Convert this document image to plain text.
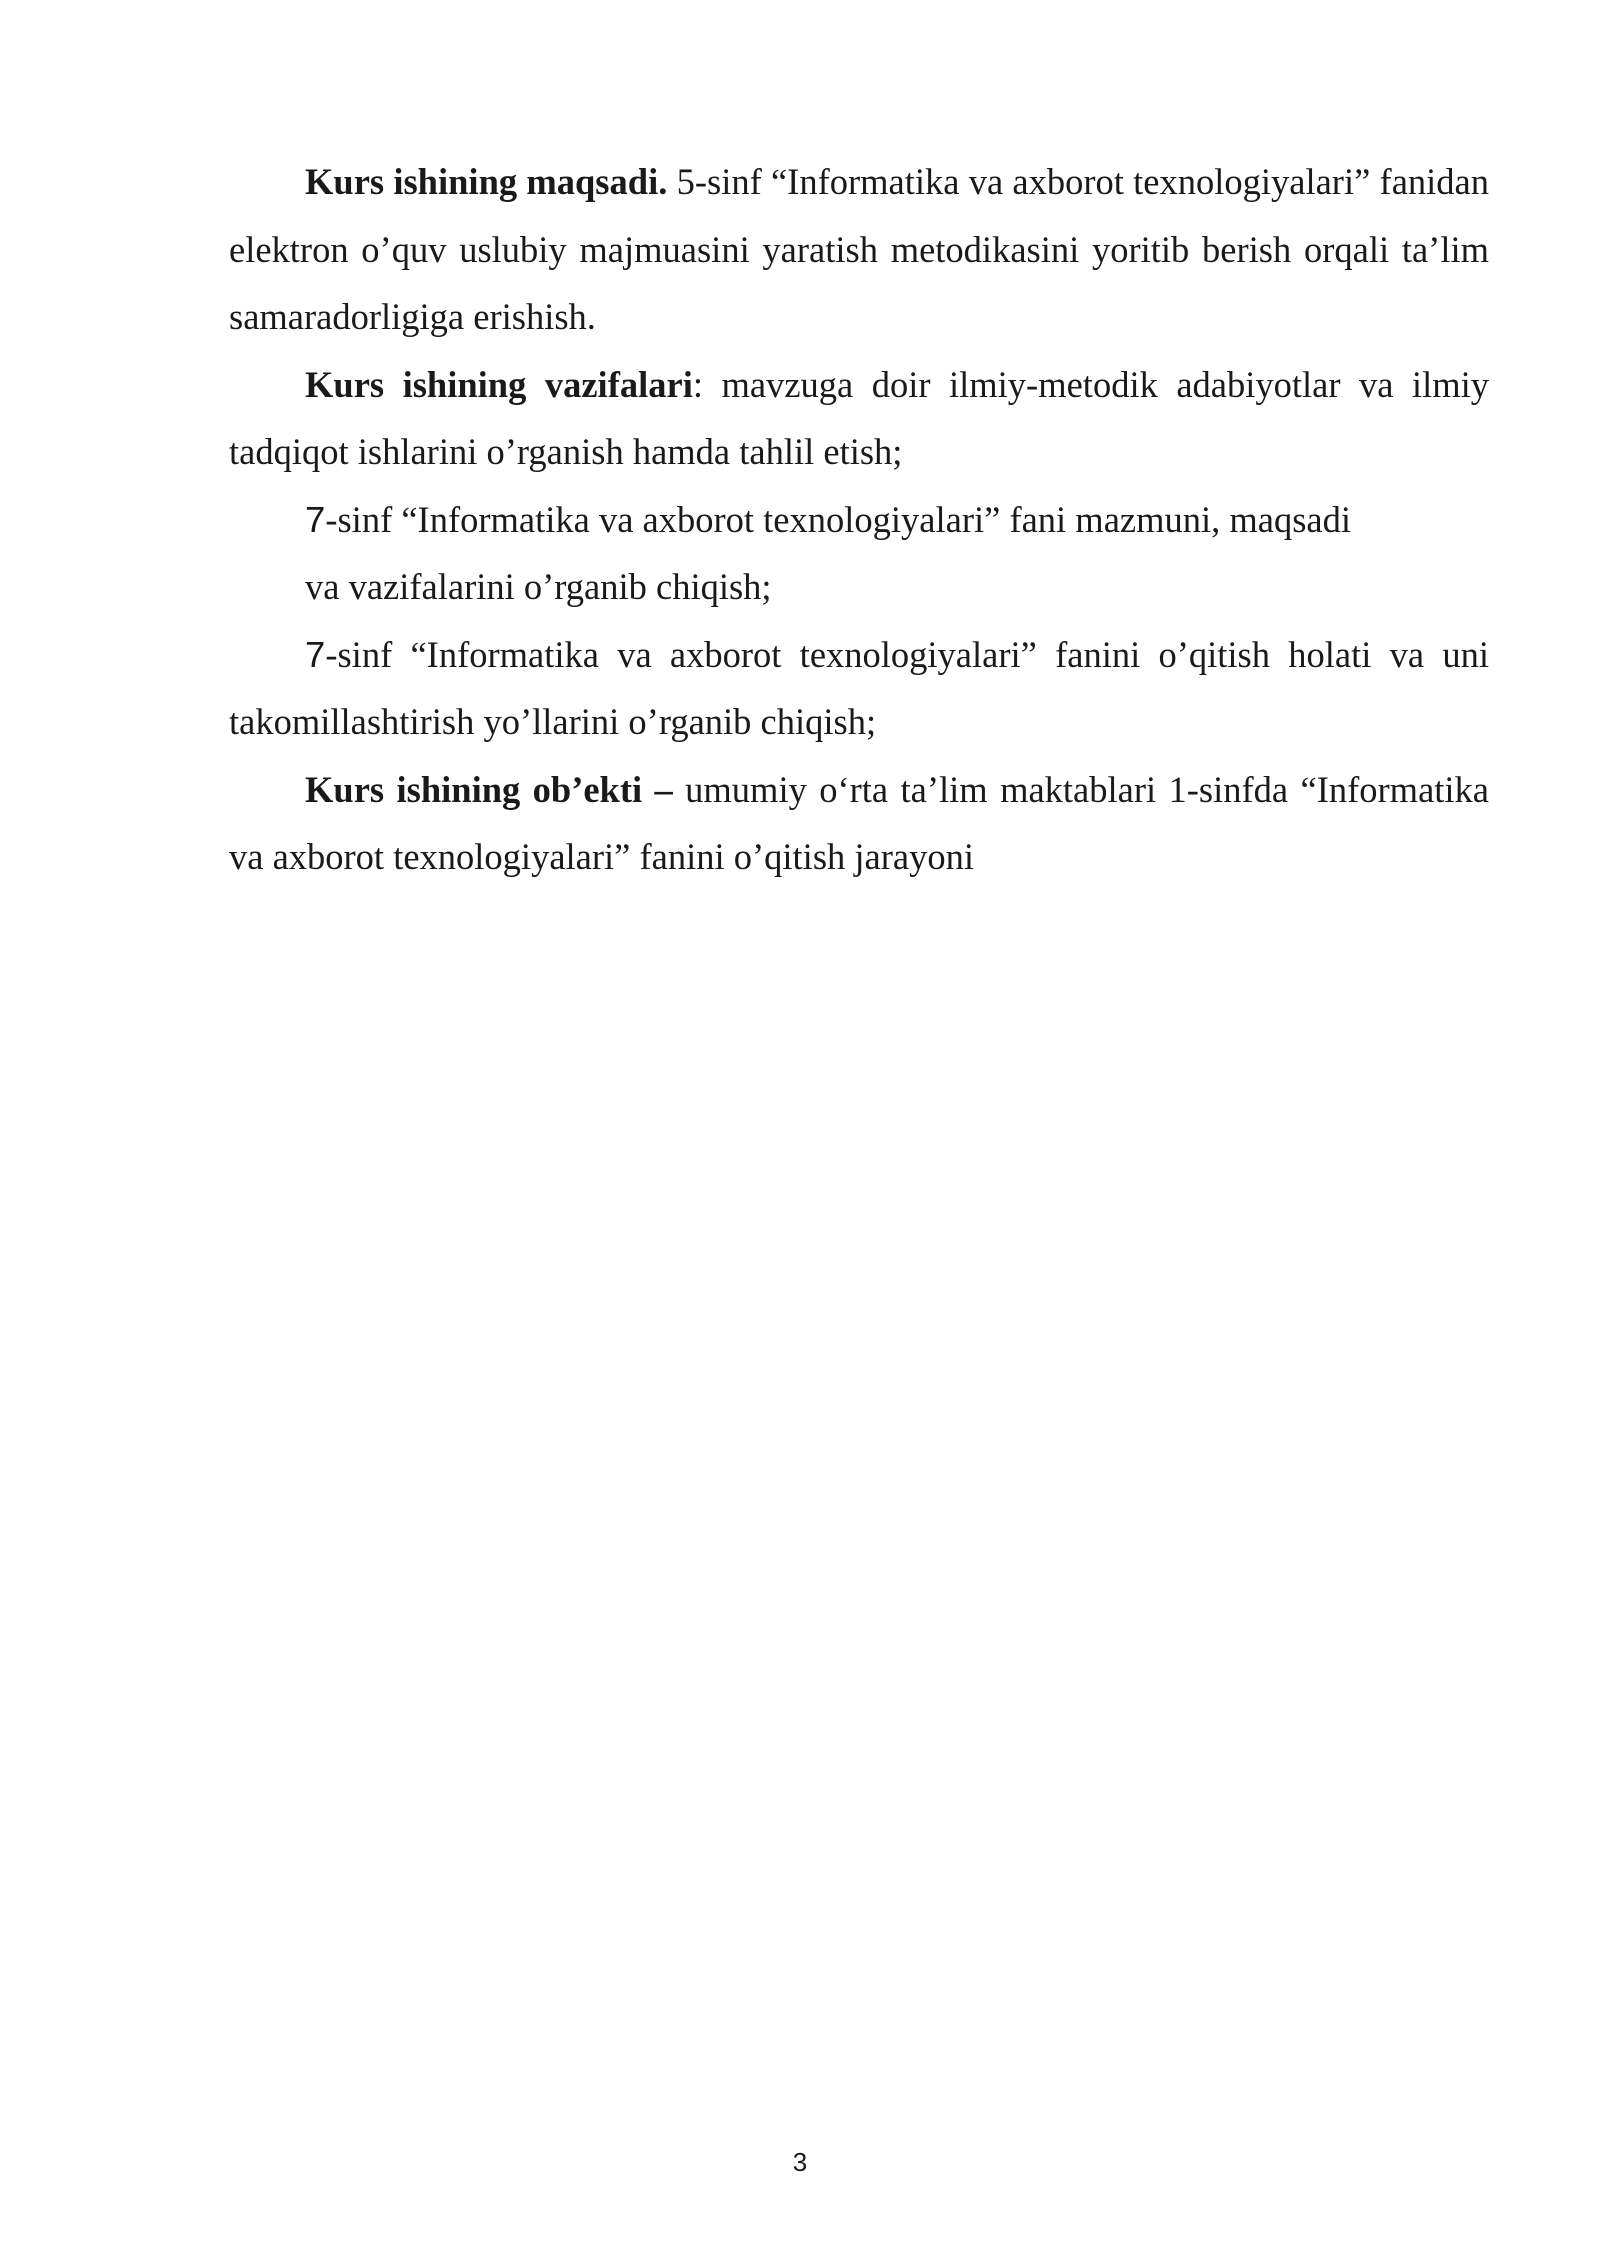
Kurs ishining maqsadi. 5-sinf “Informatika va axborot texnologiyalari” fanidan elektron o’quv uslubiy majmuasini yaratish metodikasini yoritib berish orqali ta’lim samaradorligiga erishish.

Kurs ishining vazifalari: mavzuga doir ilmiy-metodik adabiyotlar va ilmiy tadqiqot ishlarini o’rganish hamda tahlil etish;

7-sinf “Informatika va axborot texnologiyalari” fani mazmuni, maqsadi

va vazifalarini o’rganib chiqish;

7-sinf “Informatika va axborot texnologiyalari” fanini o’qitish holati va uni takomillashtirish yo’llarini o’rganib chiqish;

Kurs ishining ob’ekti – umumiy o‘rta ta’lim maktablari 1-sinfda “Informatika va axborot texnologiyalari” fanini o’qitish jarayoni

3
